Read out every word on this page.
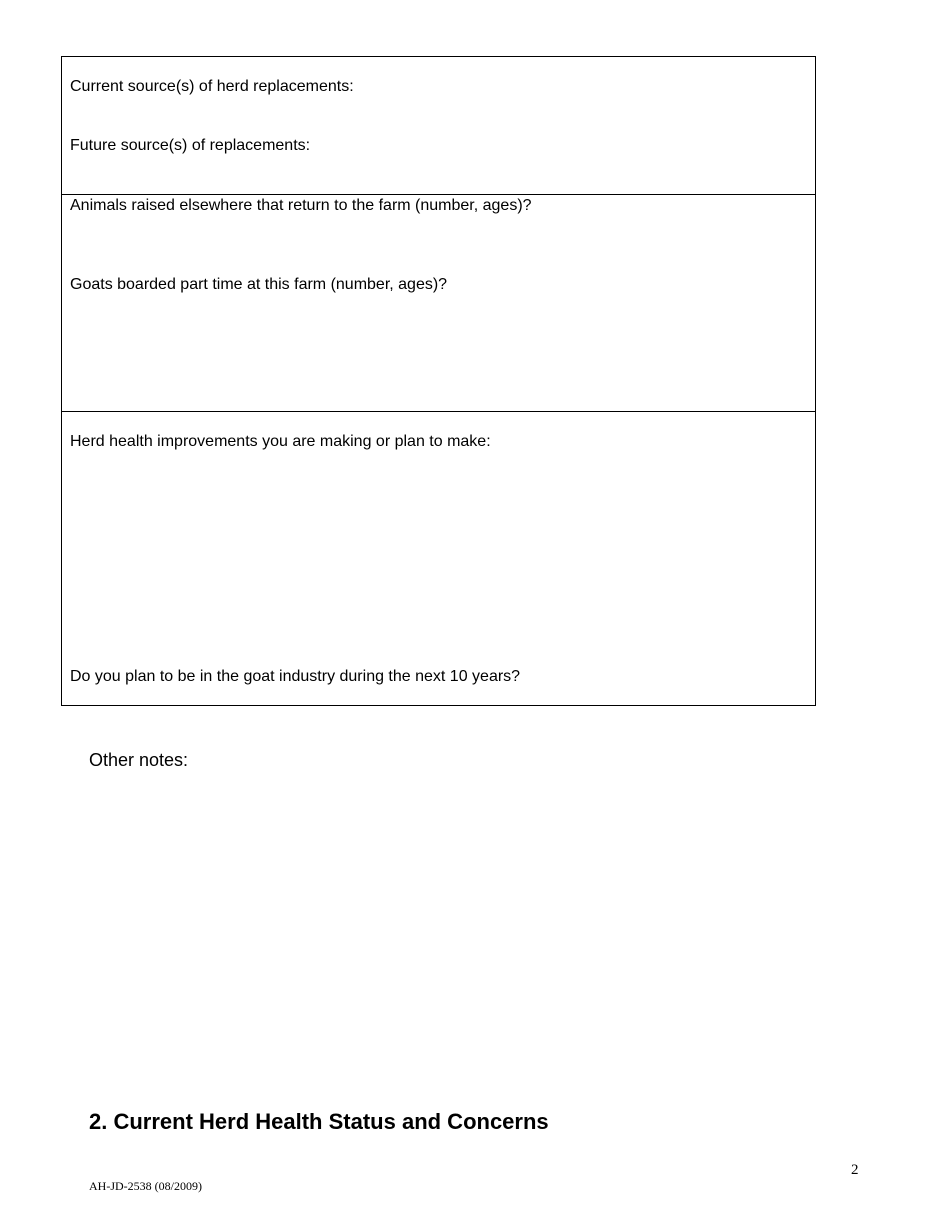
Current source(s) of herd replacements:
Future source(s) of replacements:
Animals raised elsewhere that return to the farm (number, ages)?
Goats boarded part time at this farm (number, ages)?
Herd health improvements you are making or plan to make:
Do you plan to be in the goat industry during the next 10 years?
Other notes:
2. Current Herd Health Status and Concerns
2
AH-JD-2538 (08/2009)
